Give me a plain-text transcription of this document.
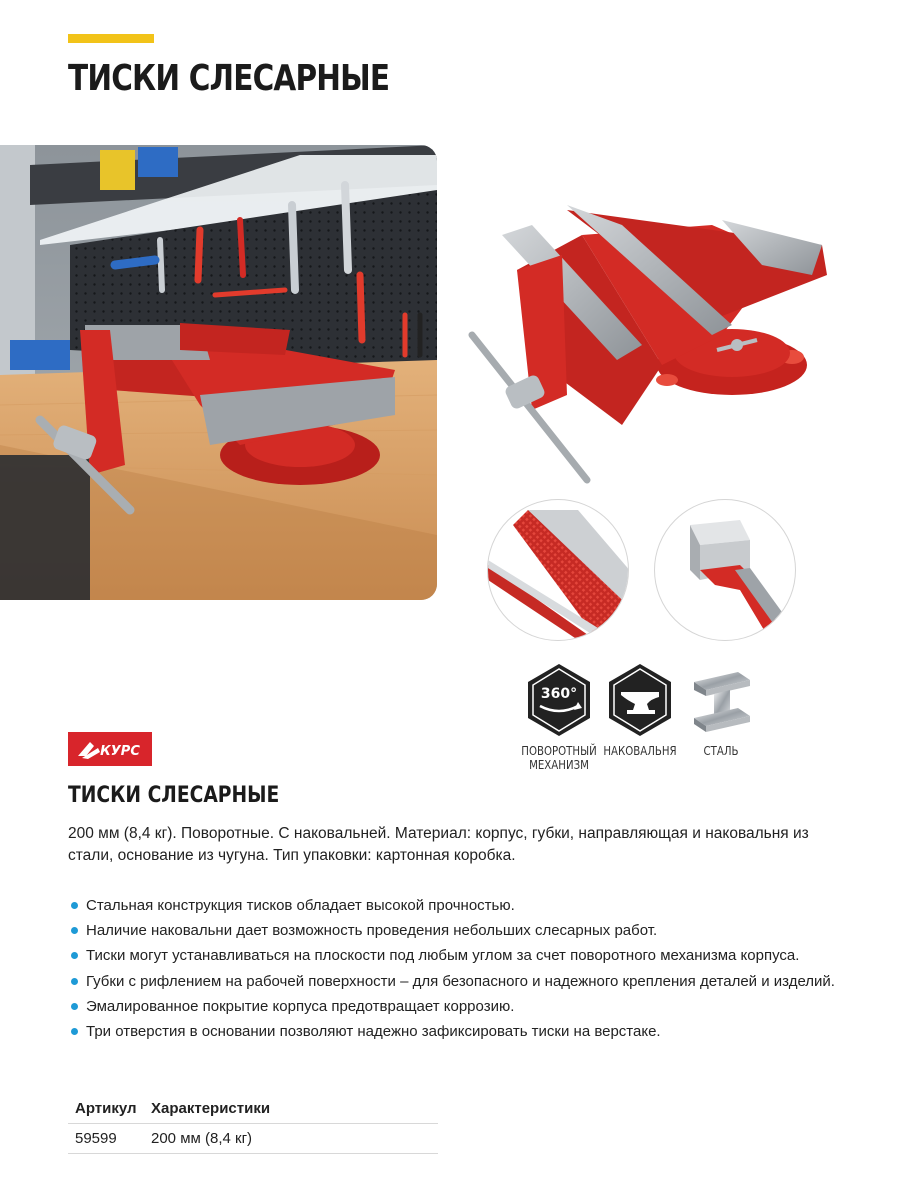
ТИСКИ СЛЕСАРНЫЕ
360°
ПОВОРОТНЫЙ МЕХАНИЗМ
НАКОВАЛЬНЯ	СТАЛЬ
КУРС
ТИСКИ СЛЕСАРНЫЕ

200 мм (8,4 кг). Поворотные. С наковальней. Материал: корпус, губки, направляющая и наковальня из стали, основание из чугуна. Тип упаковки: картонная коробка.

Стальная конструкция тисков обладает высокой прочностью.
Наличие наковальни дает возможность проведения небольших слесарных работ.
Тиски могут устанавливаться на плоскости под любым углом за счет поворотного механизма корпуса.
Губки с рифлением на рабочей поверхности – для безопасного и надежного крепления деталей и изделий.
Эмалированное покрытие корпуса предотвращает коррозию.
Три отверстия в основании позволяют надежно зафиксировать тиски на верстаке.
Артикул	Характеристики
59599	200 мм (8,4 кг)
